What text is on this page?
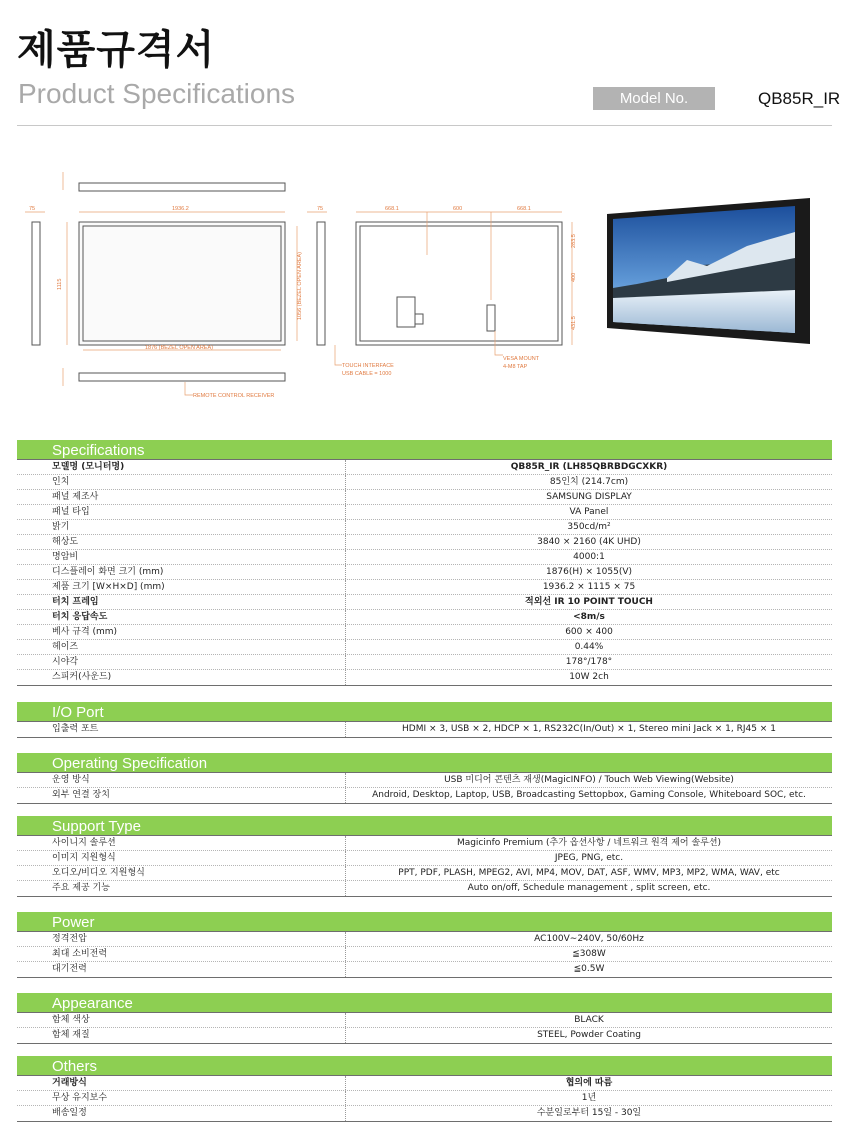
제품규격서
Product Specifications	Model No.	QB85R_IR
1936.2
75	75
1115
1876 (BEZEL OPEN AREA)
1056 (BEZEL OPEN AREA)
668.1	600	668.1
283.5
400
431.5
TOUCH INTERFACE
USB CABLE = 1000
VESA MOUNT
4-M8 TAP
REMOTE CONTROL RECEIVER
Specifications
모델명 (모니터명)	QB85R_IR (LH85QBRBDGCXKR)
인치	85인치 (214.7cm)
패널 제조사	SAMSUNG DISPLAY
패널 타입	VA Panel
밝기	350cd/m²
해상도	3840 × 2160 (4K UHD)
명암비	4000:1
디스플레이 화면 크기 (mm)	1876(H) × 1055(V)
제품 크기 [W×H×D] (mm)	1936.2 × 1115 × 75
터치 프레임	적외선 IR 10 POINT TOUCH
터치 응답속도	<8m/s
베사 규격 (mm)	600 × 400
헤이즈	0.44%
시야각	178°/178°
스피커(사운드)	10W 2ch
I/O Port
입출력 포트	HDMI × 3, USB × 2, HDCP × 1, RS232C(In/Out) × 1, Stereo mini Jack × 1, RJ45 × 1
Operating Specification
운영 방식	USB 미디어 콘텐츠 재생(MagicINFO) / Touch Web Viewing(Website)
외부 연결 장치	Android, Desktop, Laptop, USB, Broadcasting Settopbox, Gaming Console, Whiteboard SOC, etc.
Support Type
사이니지 솔루션	Magicinfo Premium (추가 옵션사항 / 네트워크 원격 제어 솔루션)
이미지 지원형식	JPEG, PNG, etc.
오디오/비디오 지원형식	PPT, PDF, PLASH, MPEG2, AVI, MP4, MOV, DAT, ASF, WMV, MP3, MP2, WMA, WAV, etc
주요 제공 기능	Auto on/off, Schedule management , split screen, etc.
Power
정격전압	AC100V∼240V, 50/60Hz
최대 소비전력	≦308W
대기전력	≦0.5W
Appearance
함체 색상	BLACK
함체 재질	STEEL, Powder Coating
Others
거래방식	협의에 따름
무상 유지보수	1년
배송일정	수분일로부터 15일 - 30일
